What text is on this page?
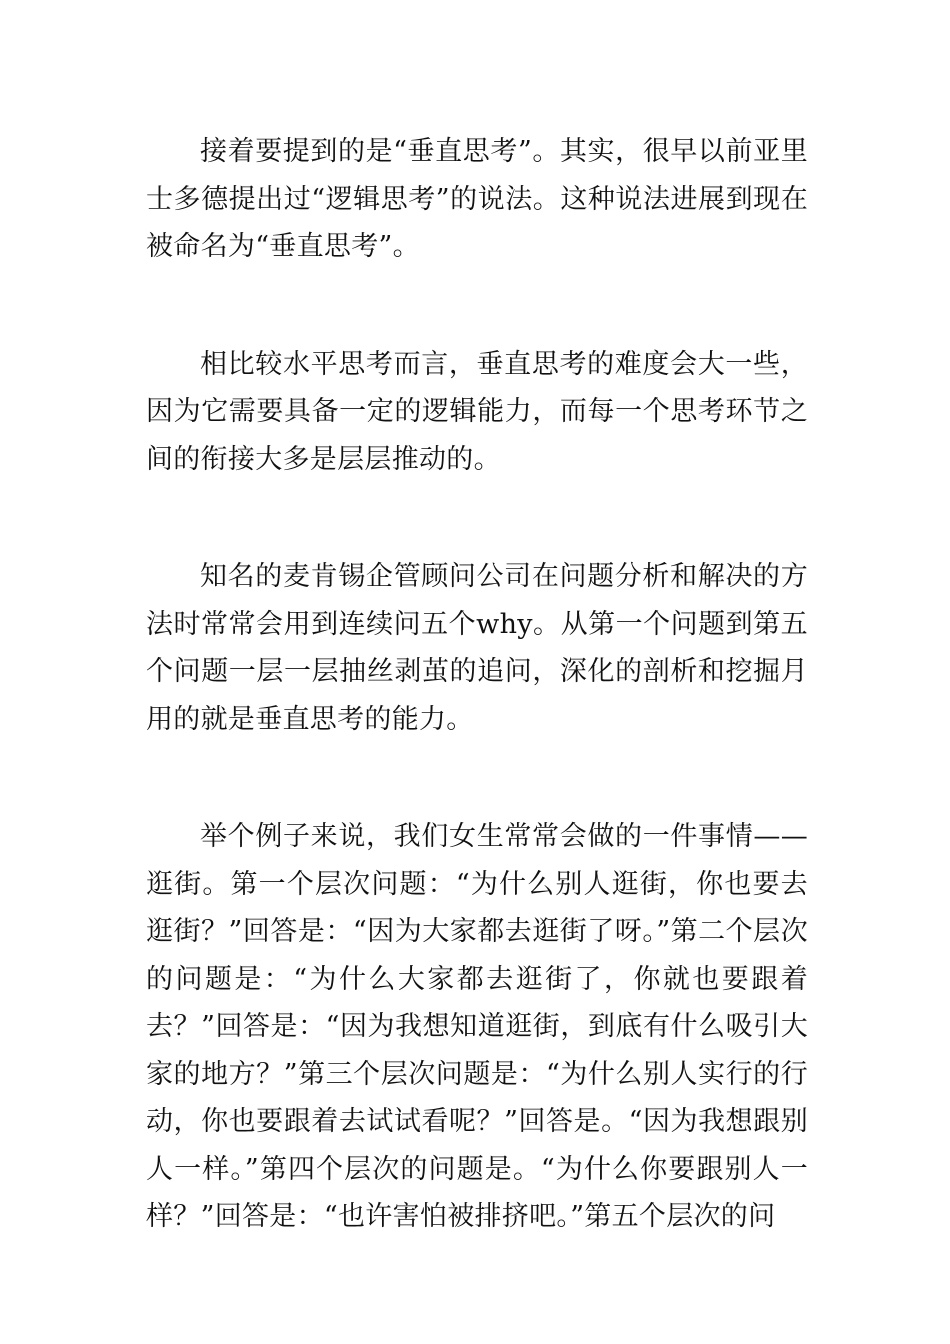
接着要提到的是“垂直思考”。其实，很早以前亚里士多德提出过“逻辑思考”的说法。这种说法进展到现在被命名为“垂直思考”。

相比较水平思考而言，垂直思考的难度会大一些，因为它需要具备一定的逻辑能力，而每一个思考环节之间的衔接大多是层层推动的。

知名的麦肯锡企管顾问公司在问题分析和解决的方法时常常会用到连续问五个why。从第一个问题到第五个问题一层一层抽丝剥茧的追问，深化的剖析和挖掘月用的就是垂直思考的能力。

举个例子来说，我们女生常常会做的一件事情——逛街。第一个层次问题：“为什么别人逛街，你也要去逛街？”回答是：“因为大家都去逛街了呀。”第二个层次的问题是：“为什么大家都去逛街了，你就也要跟着去？”回答是：“因为我想知道逛街，到底有什么吸引大家的地方？”第三个层次问题是：“为什么别人实行的行动，你也要跟着去试试看呢？”回答是。“因为我想跟别人一样。”第四个层次的问题是。“为什么你要跟别人一样？”回答是：“也许害怕被排挤吧。”第五个层次的问
